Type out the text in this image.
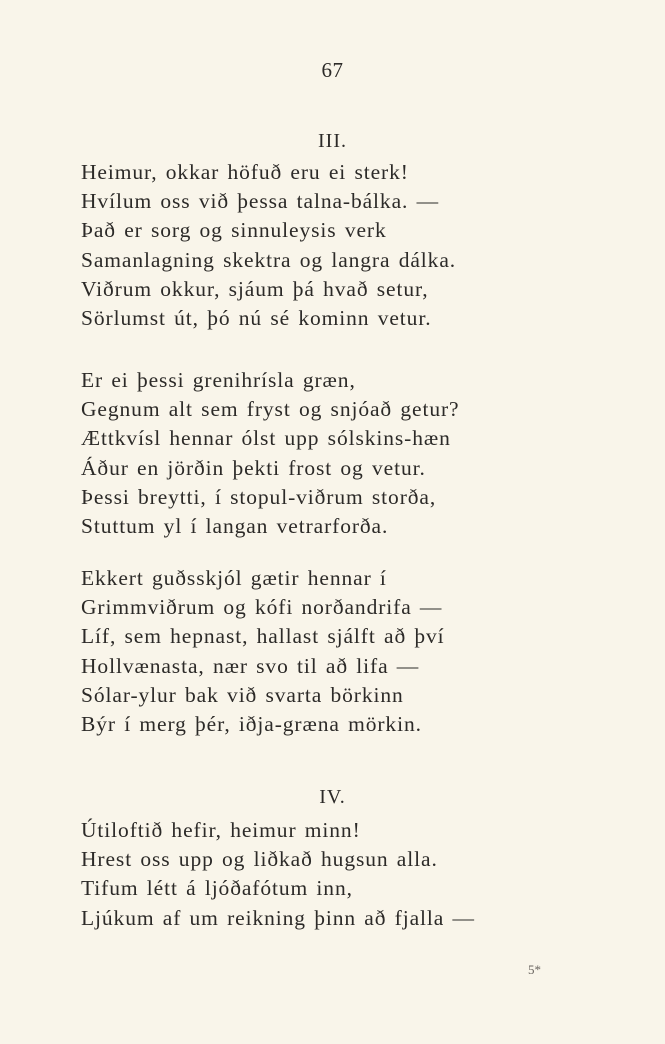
67
III.
Heimur, okkar höfuð eru ei sterk!
Hvílum oss við þessa talna-bálka. —
Það er sorg og sinnuleysis verk
Samanlagning skektra og langra dálka.
Viðrum okkur, sjáum þá hvað setur,
Sörlumst út, þó nú sé kominn vetur.
Er ei þessi grenihrísla græn,
Gegnum alt sem fryst og snjóað getur?
Ættkvísl hennar ólst upp sólskins-hæn
Áður en jörðin þekti frost og vetur.
Þessi breytti, í stopul-viðrum storða,
Stuttum yl í langan vetrarforða.
Ekkert guðsskjól gætir hennar í
Grimmviðrum og kófi norðandrifa —
Líf, sem hepnast, hallast sjálft að því
Hollvænasta, nær svo til að lifa —
Sólar-ylur bak við svarta börkinn
Býr í merg þér, iðja-græna mörkin.
IV.
Útiloftið hefir, heimur minn!
Hrest oss upp og liðkað hugsun alla.
Tifum létt á ljóðafótum inn,
Ljúkum af um reikning þinn að fjalla —
5*
